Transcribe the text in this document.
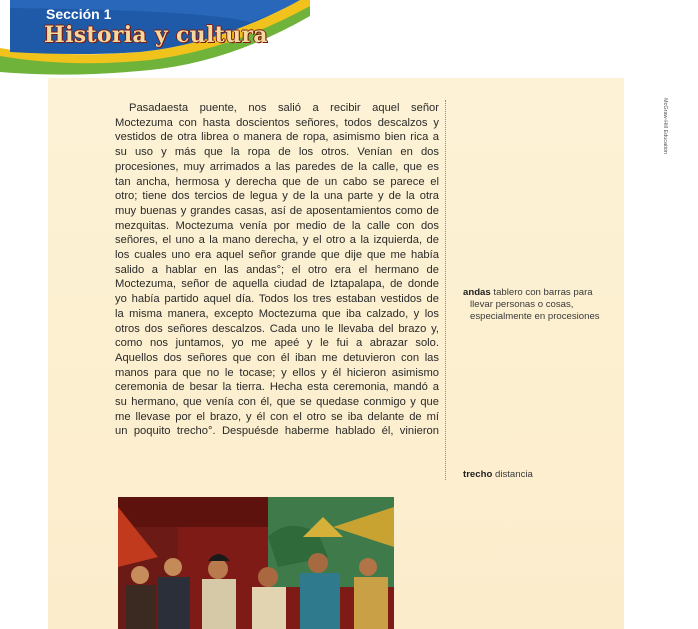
Sección 1
Historia y cultura
Pasadaesta puente, nos salió a recibir aquel señor
Moctezuma con hasta doscientos señores, todos descalzos y
vestidos de otra librea o manera de ropa, asimismo bien rica a
su uso y más que la ropa de los otros. Venían en dos
procesiones, muy arrimados a las paredes de la calle, que es
tan ancha, hermosa y derecha que de un cabo se parece el
otro; tiene dos tercios de legua y de la una parte y de la otra
muy buenas y grandes casas, así de aposentamientos como de
mezquitas. Moctezuma venía por medio de la calle con dos
señores, el uno a la mano derecha, y el otro a la izquierda, de
los cuales uno era aquel señor grande que dije que me había
salido a hablar en las andas°; el otro era el hermano de
Moctezuma, señor de aquella ciudad de Iztapalapa, de donde
yo había partido aquel día. Todos los tres estaban vestidos de
la misma manera, excepto Moctezuma que iba calzado, y los
otros dos señores descalzos. Cada uno le llevaba del brazo y,
como nos juntamos, yo me apeé y le fui a abrazar solo.
Aquellos dos señores que con él iban me detuvieron con las
manos para que no le tocase; y ellos y él hicieron asimismo
ceremonia de besar la tierra. Hecha esta ceremonia, mandó a
su hermano, que venía con él, que se quedase conmigo y que
me llevase por el brazo, y él con el otro se iba delante de mí
un poquito trecho°. Despuésde haberme hablado él, vinieron
andas tablero con barras para
llevar personas o cosas,
especialmente en procesiones
trecho distancia
McGraw-Hill Education
